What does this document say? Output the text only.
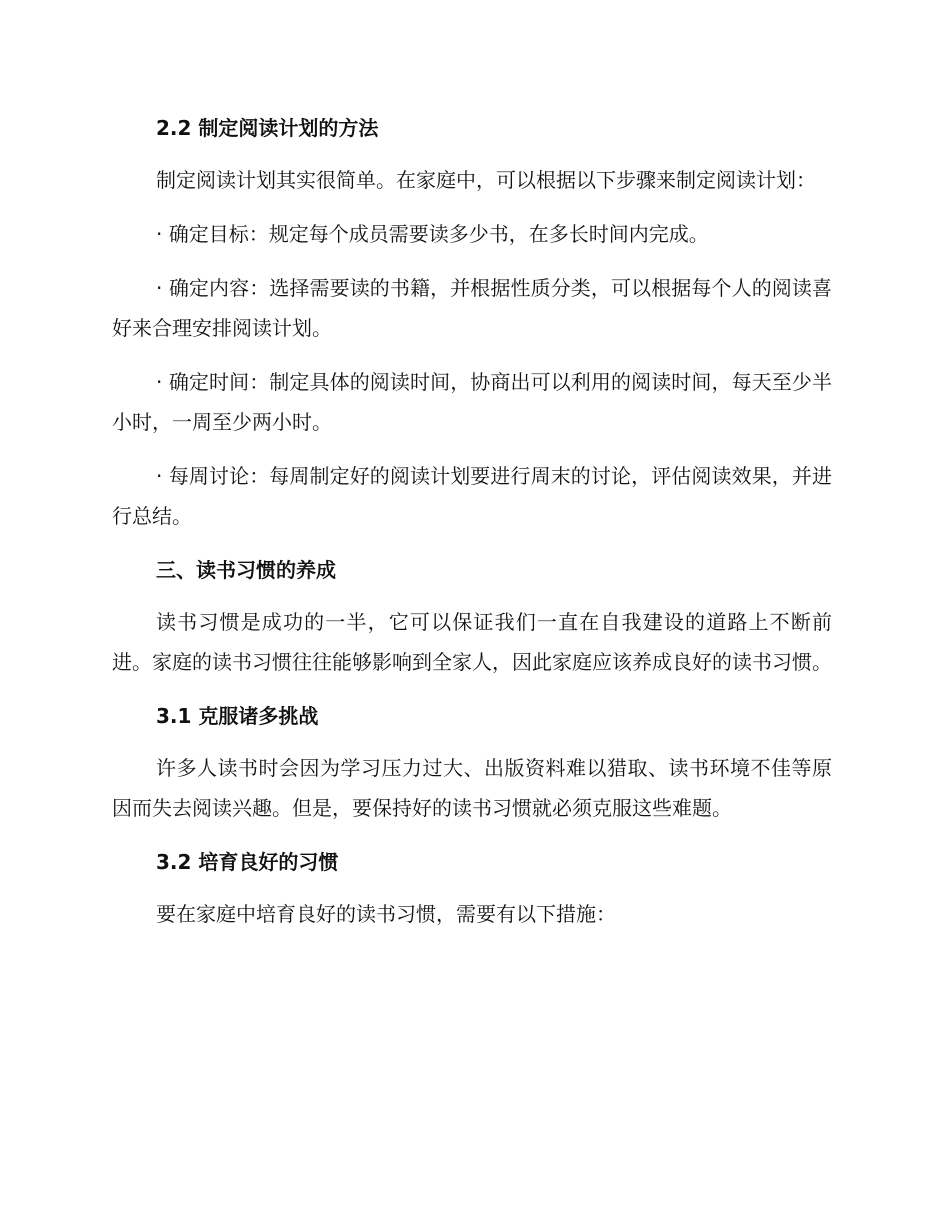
2.2 制定阅读计划的方法

制定阅读计划其实很简单。在家庭中，可以根据以下步骤来制定阅读计划：

· 确定目标：规定每个成员需要读多少书，在多长时间内完成。

· 确定内容：选择需要读的书籍，并根据性质分类，可以根据每个人的阅读喜好来合理安排阅读计划。

· 确定时间：制定具体的阅读时间，协商出可以利用的阅读时间，每天至少半小时，一周至少两小时。

· 每周讨论：每周制定好的阅读计划要进行周末的讨论，评估阅读效果，并进行总结。

三、读书习惯的养成

读书习惯是成功的一半，它可以保证我们一直在自我建设的道路上不断前进。家庭的读书习惯往往能够影响到全家人，因此家庭应该养成良好的读书习惯。

3.1 克服诸多挑战

许多人读书时会因为学习压力过大、出版资料难以猎取、读书环境不佳等原因而失去阅读兴趣。但是，要保持好的读书习惯就必须克服这些难题。

3.2 培育良好的习惯

要在家庭中培育良好的读书习惯，需要有以下措施：
